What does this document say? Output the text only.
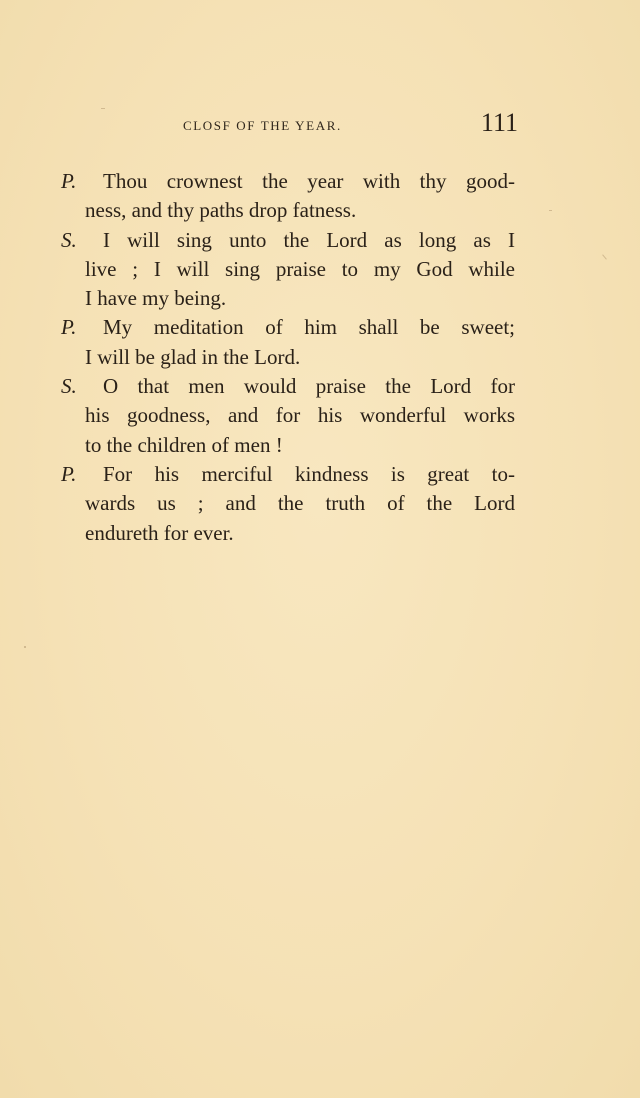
CLOSF OF THE YEAR.	111

P.	Thou crownest the year with thy good-
ness, and thy paths drop fatness.

S.	I will sing unto the Lord as long as I
live ; I will sing praise to my God while
I have my being.

P.	My meditation of him shall be sweet;
I will be glad in the Lord.

S.	O that men would praise the Lord for
his goodness, and for his wonderful works
to the children of men !

P.	For his merciful kindness is great to-
wards us ; and the truth of the Lord
endureth for ever.
